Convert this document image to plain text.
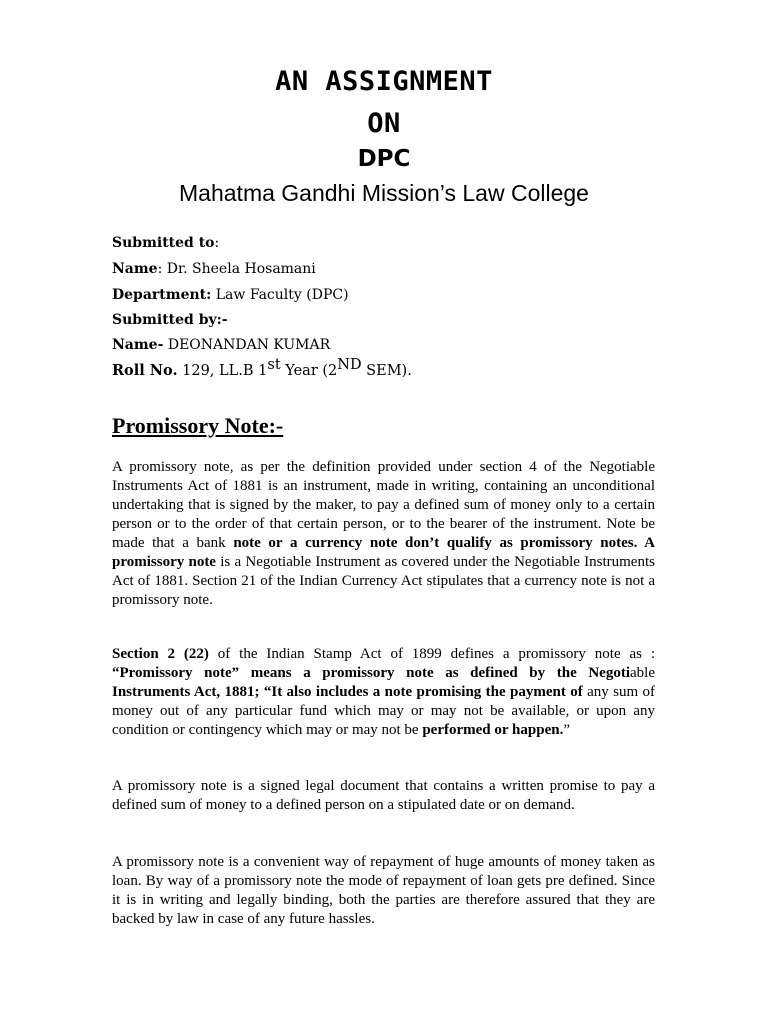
AN ASSIGNMENT
ON
DPC
Mahatma Gandhi Mission’s Law College
Submitted to:
Name: Dr. Sheela Hosamani
Department: Law Faculty (DPC)
Submitted by:-
Name- DEONANDAN KUMAR
Roll No. 129, LL.B 1st Year (2ND SEM).
Promissory Note:-

A promissory note, as per the definition provided under section 4 of the Negotiable Instruments Act of 1881 is an instrument, made in writing, containing an unconditional undertaking that is signed by the maker, to pay a defined sum of money only to a certain person or to the order of that certain person, or to the bearer of the instrument. Note be made that a bank note or a currency note don’t qualify as promissory notes. A promissory note is a Negotiable Instrument as covered under the Negotiable Instruments Act of 1881. Section 21 of the Indian Currency Act stipulates that a currency note is not a promissory note.

Section 2 (22) of the Indian Stamp Act of 1899 defines a promissory note as : “Promissory note” means a promissory note as defined by the Negotiable Instruments Act, 1881; “It also includes a note promising the payment of any sum of money out of any particular fund which may or may not be available, or upon any condition or contingency which may or may not be performed or happen.”

A promissory note is a signed legal document that contains a written promise to pay a defined sum of money to a defined person on a stipulated date or on demand.

A promissory note is a convenient way of repayment of huge amounts of money taken as loan. By way of a promissory note the mode of repayment of loan gets pre defined. Since it is in writing and legally binding, both the parties are therefore assured that they are backed by law in case of any future hassles.
